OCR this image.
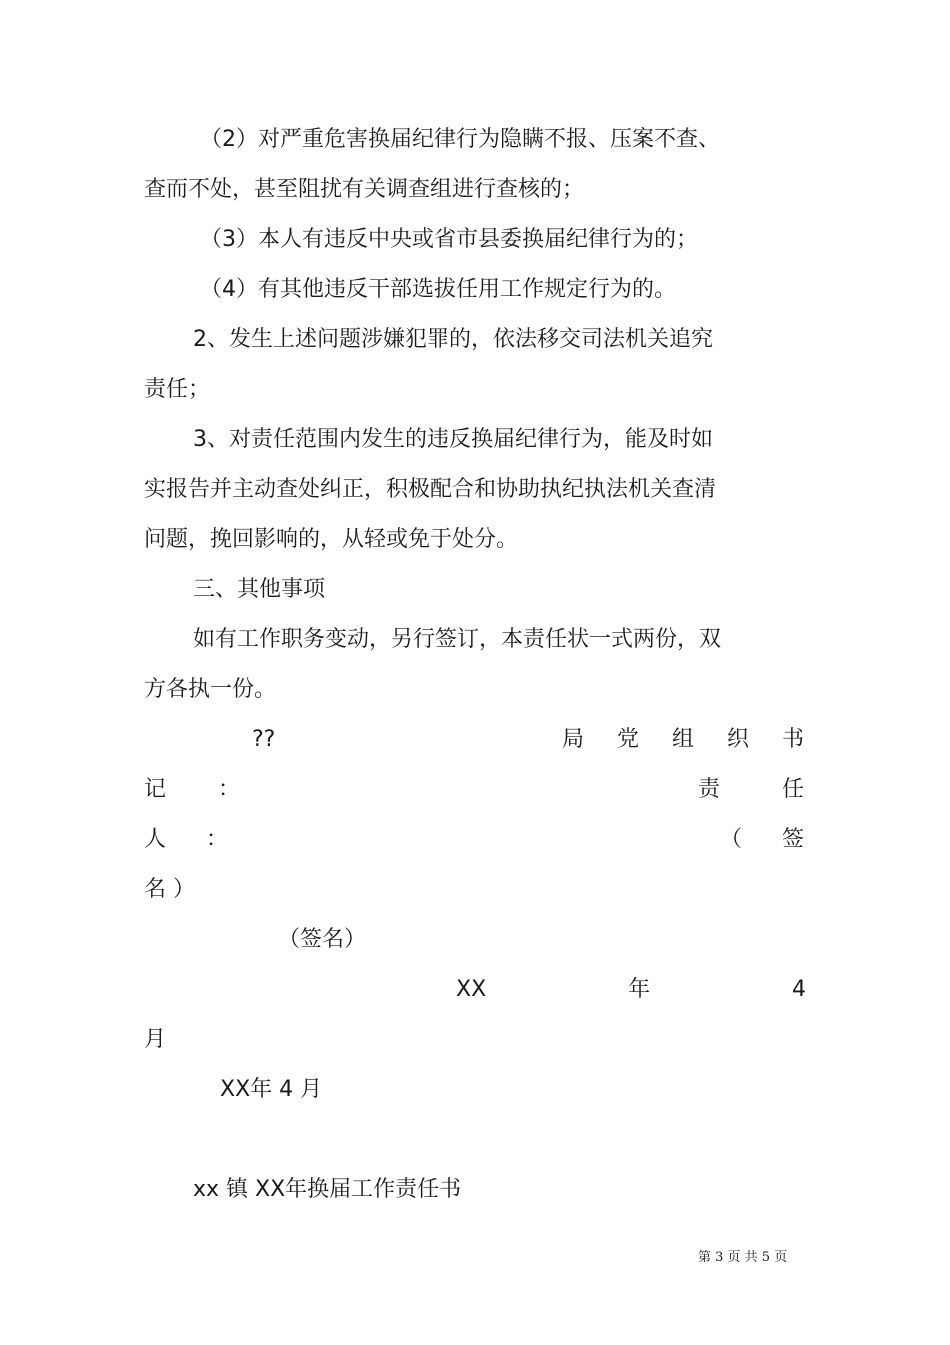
（2）对严重危害换届纪律行为隐瞒不报、压案不查、

查而不处，甚至阻扰有关调查组进行查核的；

（3）本人有违反中央或省市县委换届纪律行为的；

（4）有其他违反干部选拔任用工作规定行为的。

2、发生上述问题涉嫌犯罪的，依法移交司法机关追究

责任；

3、对责任范围内发生的违反换届纪律行为，能及时如

实报告并主动查处纠正，积极配合和协助执纪执法机关查清

问题，挽回影响的，从轻或免于处分。

三、其他事项

如有工作职务变动，另行签订，本责任状一式两份，双

方各执一份。

??	局 党 组 织 书
记 ：	责	任
人 ：	（ 签

名 ）

（签名）

XX	年	4

月

XX年 4 月

xx 镇 XX年换届工作责任书

第 3 页 共 5 页
